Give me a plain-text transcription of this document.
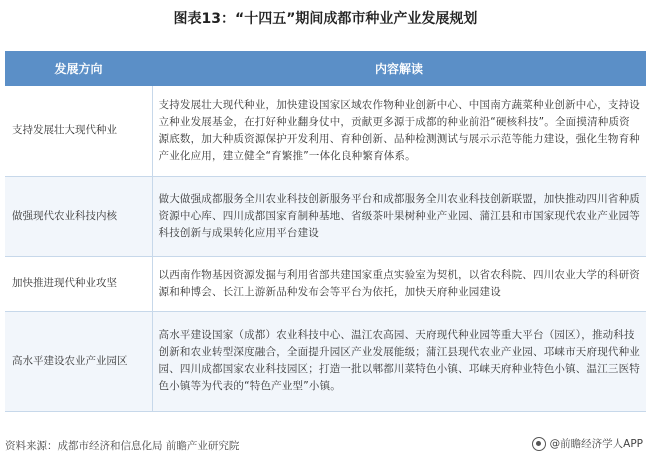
图表13：“十四五”期间成都市种业产业发展规划
发展方向	内容解读
支持发展壮大现代种业	支持发展壮大现代种业，加快建设国家区域农作物种业创新中心、中国南方蔬菜种业创新中心，支持设立种业发展基金，在打好种业翻身仗中，贡献更多源于成都的种业前沿“硬核科技”。全面摸清种质资源底数，加大种质资源保护开发利用、育种创新、品种检测测试与展示示范等能力建设，强化生物育种产业化应用，建立健全“育繁推”一体化良种繁育体系。
做强现代农业科技内核	做大做强成都服务全川农业科技创新服务平台和成都服务全川农业科技创新联盟，加快推动四川省种质资源中心库、四川成都国家育制种基地、省级茶叶果树种业产业园、蒲江县和市国家现代农业产业园等科技创新与成果转化应用平台建设
加快推进现代种业攻坚	以西南作物基因资源发掘与利用省部共建国家重点实验室为契机，以省农科院、四川农业大学的科研资源和种博会、长江上游新品种发布会等平台为依托，加快天府种业园建设
高水平建设农业产业园区	高水平建设国家（成都）农业科技中心、温江农高园、天府现代种业园等重大平台（园区），推动科技创新和农业转型深度融合，全面提升园区产业发展能级；蒲江县现代农业产业园、邛崃市天府现代种业园、四川成都国家农业科技园区；打造一批以郫都川菜特色小镇、邛崃天府种业特色小镇、温江三医特色小镇等为代表的“特色产业型”小镇。
资料来源：成都市经济和信息化局 前瞻产业研究院	@前瞻经济学人APP
